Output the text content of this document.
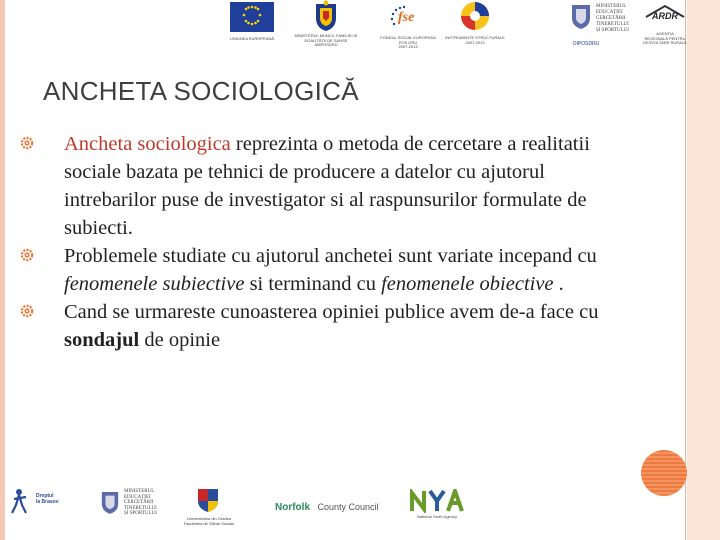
UNIUNEA EUROPEANĂ
MINISTERUL MUNCII, FAMILIEI ȘI
EGALITĂȚII DE ȘANSE
AMPOSDRU
fse
FONDUL SOCIAL EUROPEAN
POS DRU
2007-2013
INSTRUMENTE STRUCTURALE
2007-2013
MINISTERUL
EDUCAȚIEI
CERCETĂRII
TINERETULUI
ȘI SPORTULUI
OIPOSDRU
ARDR
AGENȚIA
REGIONALĂ PENTRU
DEZVOLTARE RURALĂ
ANCHETA SOCIOLOGICĂ
Ancheta sociologica reprezinta o metoda de cercetare a realitatii sociale bazata pe tehnici de producere a datelor cu ajutorul intrebarilor puse de investigator si al raspunsurilor formulate de subiecti.
Problemele studiate cu ajutorul anchetei sunt variate incepand cu fenomenele subiective si terminand cu fenomenele obiective .
Cand se urmareste cunoasterea opiniei publice avem de-a face cu sondajul de opinie
Dreptul
la Brasov
MINISTERUL
EDUCAȚIEI
CERCETĂRII
TINERETULUI
ȘI SPORTULUI
Universitatea din Oradea
Facultatea de Științe Sociale
Norfolk County Council
National Youth Agency
